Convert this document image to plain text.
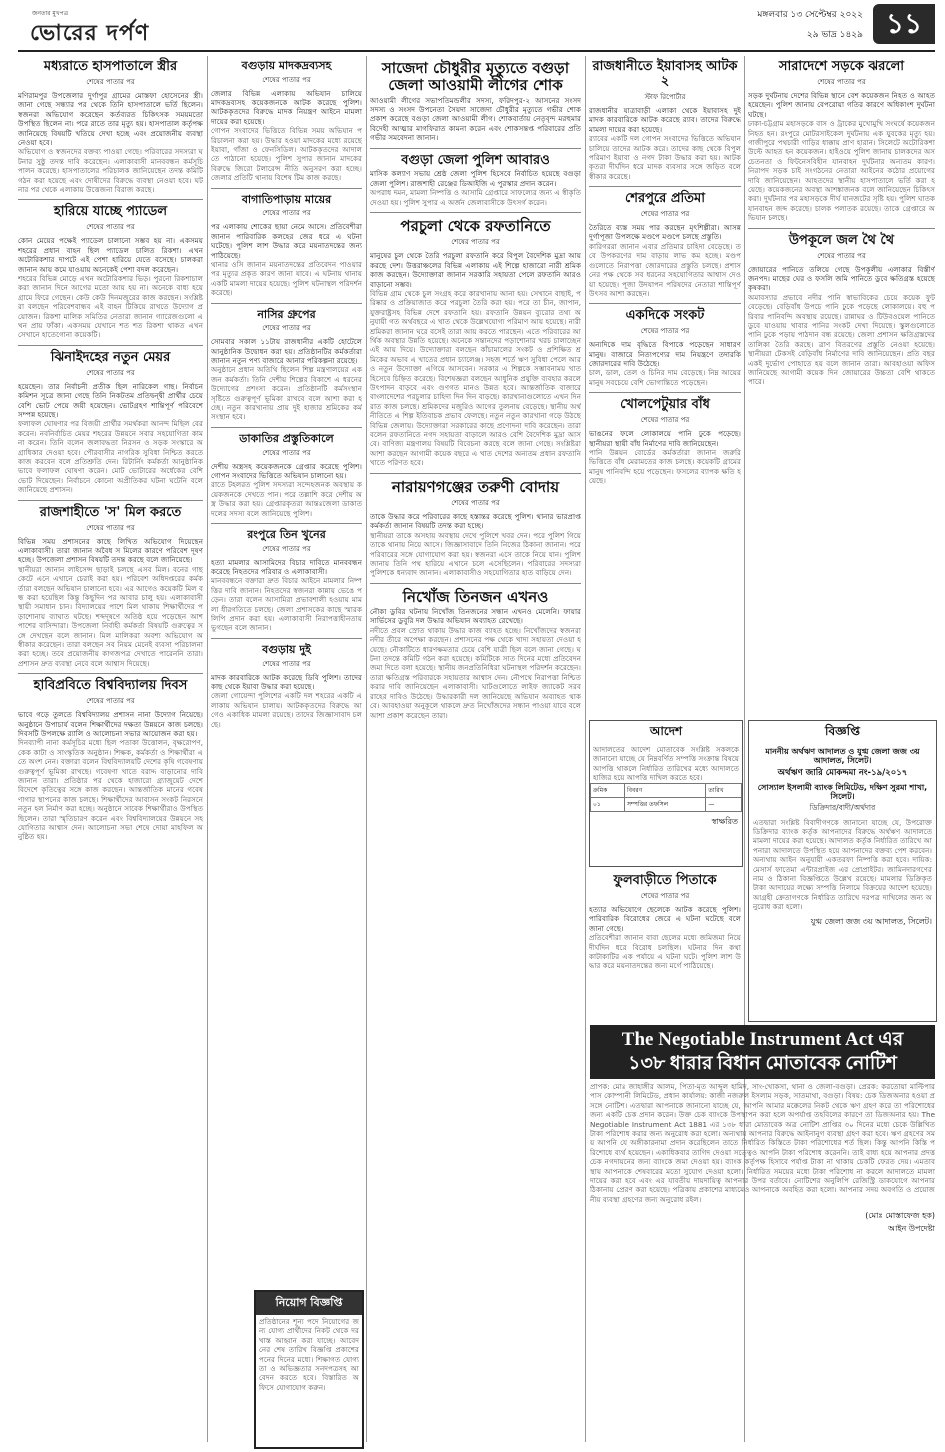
জনতার মুখপত্র
ভোরের দর্পণ
মঙ্গলবার ১৩ সেপ্টেম্বর ২০২২
২৯ ভাদ্র ১৪২৯ ১১
মধ্যরাতে হাসপাতালে স্ত্রীর
শেষের পাতার পর

মণিরামপুর উপজেলার দুর্গাপুর গ্রামের মোস্তফা হোসেনের স্ত্রী। জানা গেছে সন্ধ্যার পর থেকে তিনি হাসপাতালে ভর্তি ছিলেন। স্বজনরা অভিযোগ করেছেন কর্তব্যরত চিকিৎসক সময়মতো উপস্থিত ছিলেন না। পরে রাতে তার মৃত্যু হয়। হাসপাতাল কর্তৃপক্ষ জানিয়েছে বিষয়টি খতিয়ে দেখা হচ্ছে এবং প্রয়োজনীয় ব্যবস্থা নেওয়া হবে।

অভিযোগ ও স্বজনদের বক্তব্য পাওয়া গেছে। পরিবারের সদস্যরা ঘটনার সুষ্ঠু তদন্ত দাবি করেছেন। এলাকাবাসী মানববন্ধন কর্মসূচি পালন করেছে। হাসপাতালের পরিচালক জানিয়েছেন তদন্ত কমিটি গঠন করা হয়েছে এবং দোষীদের বিরুদ্ধে ব্যবস্থা নেওয়া হবে। ঘটনার পর থেকে এলাকায় উত্তেজনা বিরাজ করছে।

হারিয়ে যাচ্ছে প্যাডেল
শেষের পাতার পর

কোন মেয়ের পক্ষেই প্যাডেল চালানো সম্ভব হয় না। একসময় শহরের প্রধান বাহন ছিল প্যাডেল চালিত রিকশা। এখন অটোরিকশার দাপটে এই পেশা হারিয়ে যেতে বসেছে। চালকরা জানান আয় কমে যাওয়ায় অনেকেই পেশা বদল করেছেন।

শহরের বিভিন্ন মোড়ে এখন অটোরিকশার ভিড়। পুরনো রিকশাচালকরা জানান দিনে আগের মতো আয় হয় না। অনেকে বাধ্য হয়ে গ্রামে ফিরে গেছেন। কেউ কেউ দিনমজুরের কাজ করছেন। সংশ্লিষ্টরা বলছেন পরিবেশবান্ধব এই বাহন টিকিয়ে রাখতে উদ্যোগ প্রয়োজন। রিকশা মালিক সমিতির নেতারা জানান গ্যারেজগুলো এখন প্রায় ফাঁকা। একসময় যেখানে শত শত রিকশা থাকত এখন সেখানে হাতেগোনা কয়েকটি।

ঝিনাইদহের নতুন মেয়র
শেষের পাতার পর

হয়েছেন। তার নির্বাচনী প্রতীক ছিল নারিকেল গাছ। নির্বাচন কমিশন সূত্রে জানা গেছে তিনি নিকটতম প্রতিদ্বন্দ্বী প্রার্থীর চেয়ে বেশি ভোট পেয়ে জয়ী হয়েছেন। ভোটগ্রহণ শান্তিপূর্ণ পরিবেশে সম্পন্ন হয়েছে।

ফলাফল ঘোষণার পর বিজয়ী প্রার্থীর সমর্থকরা আনন্দ মিছিল বের করেন। নবনির্বাচিত মেয়র শহরের উন্নয়নে সবার সহযোগিতা কামনা করেন। তিনি বলেন জলাবদ্ধতা নিরসন ও সড়ক সংস্কারে অগ্রাধিকার দেওয়া হবে। পৌরবাসীর নাগরিক সুবিধা নিশ্চিত করতে কাজ করবেন বলে প্রতিশ্রুতি দেন। রিটার্নিং কর্মকর্তা আনুষ্ঠানিকভাবে ফলাফল ঘোষণা করেন। মোট ভোটারের অর্ধেকের বেশি ভোট দিয়েছেন। নির্বাচনে কোনো অপ্রীতিকর ঘটনা ঘটেনি বলে জানিয়েছে প্রশাসন।

রাজশাহীতে 'স' মিল করতে
শেষের পাতার পর

বিভিন্ন সময় প্রশাসনের কাছে লিখিত অভিযোগ দিয়েছেন এলাকাবাসী। তারা জানান অবৈধ স মিলের কারণে পরিবেশ দূষণ হচ্ছে। উপজেলা প্রশাসন বিষয়টি তদন্ত করছে বলে জানিয়েছে।

স্থানীয়রা জানান লাইসেন্স ছাড়াই চলছে এসব মিল। বনের গাছ কেটে এনে এখানে চেরাই করা হয়। পরিবেশ অধিদপ্তরের কর্মকর্তারা বলছেন অভিযান চালানো হবে। এর আগেও কয়েকটি মিল বন্ধ করা হয়েছিল কিন্তু কিছুদিন পর আবার চালু হয়। এলাকাবাসী স্থায়ী সমাধান চান। বিদ্যালয়ের পাশে মিল থাকায় শিক্ষার্থীদের পড়াশোনায় ব্যাঘাত ঘটছে। শব্দদূষণে অতিষ্ঠ হয়ে পড়েছেন আশপাশের বাসিন্দারা। উপজেলা নির্বাহী কর্মকর্তা বিষয়টি গুরুত্বের সঙ্গে দেখছেন বলে জানান। মিল মালিকরা অবশ্য অভিযোগ অস্বীকার করেছেন। তারা বলছেন সব নিয়ম মেনেই ব্যবসা পরিচালনা করা হচ্ছে। তবে প্রয়োজনীয় কাগজপত্র দেখাতে পারেননি তারা। প্রশাসন দ্রুত ব্যবস্থা নেবে বলে আশ্বাস দিয়েছে।

হাবিপ্রবিতে বিশ্ববিদ্যালয় দিবস
শেষের পাতার পর

ভাবে গড়ে তুলতে বিশ্ববিদ্যালয় প্রশাসন নানা উদ্যোগ নিয়েছে। অনুষ্ঠানে উপাচার্য বলেন শিক্ষার্থীদের দক্ষতা উন্নয়নে কাজ চলছে। দিবসটি উপলক্ষে র‍্যালি ও আলোচনা সভার আয়োজন করা হয়।

দিনব্যাপী নানা কর্মসূচির মধ্যে ছিল পতাকা উত্তোলন, বৃক্ষরোপণ, কেক কাটা ও সাংস্কৃতিক অনুষ্ঠান। শিক্ষক, কর্মকর্তা ও শিক্ষার্থীরা এতে অংশ নেন। বক্তারা বলেন বিশ্ববিদ্যালয়টি দেশের কৃষি গবেষণায় গুরুত্বপূর্ণ ভূমিকা রাখছে। গবেষণা খাতে বরাদ্দ বাড়ানোর দাবি জানান তারা। প্রতিষ্ঠার পর থেকে হাজারো গ্র্যাজুয়েট দেশে বিদেশে কৃতিত্বের সঙ্গে কাজ করছেন। আন্তর্জাতিক মানের গবেষণাগার স্থাপনের কাজ চলছে। শিক্ষার্থীদের আবাসন সংকট নিরসনে নতুন হল নির্মাণ করা হচ্ছে। অনুষ্ঠানে সাবেক শিক্ষার্থীরাও উপস্থিত ছিলেন। তারা স্মৃতিচারণ করেন এবং বিশ্ববিদ্যালয়ের উন্নয়নে সহযোগিতার আশ্বাস দেন। আলোচনা সভা শেষে দোয়া মাহফিল অনুষ্ঠিত হয়।

বগুড়ায় মাদকদ্রব্যসহ
শেষের পাতার পর

জেলার বিভিন্ন এলাকায় অভিযান চালিয়ে মাদকদ্রব্যসহ কয়েকজনকে আটক করেছে পুলিশ। আটককৃতদের বিরুদ্ধে মাদক নিয়ন্ত্রণ আইনে মামলা দায়ের করা হয়েছে।

গোপন সংবাদের ভিত্তিতে বিভিন্ন সময় অভিযান পরিচালনা করা হয়। উদ্ধার হওয়া মাদকের মধ্যে রয়েছে ইয়াবা, গাঁজা ও ফেনসিডিল। আটককৃতদের আদালতে পাঠানো হয়েছে। পুলিশ সুপার জানান মাদকের বিরুদ্ধে জিরো টলারেন্স নীতি অনুসরণ করা হচ্ছে। জেলার প্রতিটি থানায় বিশেষ টিম কাজ করছে।

বাগাতিপাড়ায় মায়ের
শেষের পাতার পর

পর এলাকায় শোকের ছায়া নেমে আসে। প্রতিবেশীরা জানান পারিবারিক কলহের জের ধরে এ ঘটনা ঘটেছে। পুলিশ লাশ উদ্ধার করে ময়নাতদন্তের জন্য পাঠিয়েছে।

থানার ওসি জানান ময়নাতদন্তের প্রতিবেদন পাওয়ার পর মৃত্যুর প্রকৃত কারণ জানা যাবে। এ ঘটনায় থানায় একটি মামলা দায়ের হয়েছে। পুলিশ ঘটনাস্থল পরিদর্শন করেছে।

নাসির গ্রুপের
শেষের পাতার পর

সোমবার সকাল ১১টায় রাজধানীর একটি হোটেলে আনুষ্ঠানিক উদ্বোধন করা হয়। প্রতিষ্ঠানটির কর্মকর্তারা জানান নতুন পণ্য বাজারে আনার পরিকল্পনা রয়েছে।

অনুষ্ঠানে প্রধান অতিথি ছিলেন শিল্প মন্ত্রণালয়ের একজন কর্মকর্তা। তিনি দেশীয় শিল্পের বিকাশে এ ধরনের উদ্যোগের প্রশংসা করেন। প্রতিষ্ঠানটি কর্মসংস্থান সৃষ্টিতে গুরুত্বপূর্ণ ভূমিকা রাখবে বলে আশা করা হচ্ছে। নতুন কারখানায় প্রায় দুই হাজার শ্রমিকের কর্মসংস্থান হবে।

ডাকাতির প্রস্তুতিকালে
শেষের পাতার পর

দেশীয় অস্ত্রসহ কয়েকজনকে গ্রেপ্তার করেছে পুলিশ। গোপন সংবাদের ভিত্তিতে অভিযান চালানো হয়।

রাতে টহলরত পুলিশ সদস্যরা সন্দেহজনক অবস্থায় কয়েকজনকে দেখতে পান। পরে তল্লাশি করে দেশীয় অস্ত্র উদ্ধার করা হয়। গ্রেপ্তারকৃতরা আন্তঃজেলা ডাকাত দলের সদস্য বলে জানিয়েছে পুলিশ।

রংপুরে তিন খুনের
শেষের পাতার পর

হত্যা মামলার আসামিদের বিচার দাবিতে মানববন্ধন করেছে নিহতদের পরিবার ও এলাকাবাসী।

মানববন্ধনে বক্তারা দ্রুত বিচার আইনে মামলার নিষ্পত্তির দাবি জানান। নিহতদের স্বজনরা কান্নায় ভেঙে পড়েন। তারা বলেন আসামিরা প্রভাবশালী হওয়ায় মামলা ধীরগতিতে চলছে। জেলা প্রশাসকের কাছে স্মারকলিপি প্রদান করা হয়। এলাকাবাসী নিরাপত্তাহীনতায় ভুগছেন বলে জানান।

বগুড়ায় দুই
শেষের পাতার পর

মাদক কারবারিকে আটক করেছে ডিবি পুলিশ। তাদের কাছ থেকে ইয়াবা উদ্ধার করা হয়েছে।

জেলা গোয়েন্দা পুলিশের একটি দল শহরের একটি এলাকায় অভিযান চালায়। আটককৃতদের বিরুদ্ধে আগেও একাধিক মামলা রয়েছে। তাদের জিজ্ঞাসাবাদ চলছে।

নিয়োগ বিজ্ঞপ্তি

প্রতিষ্ঠানের শূন্য পদে নিয়োগের জন্য যোগ্য প্রার্থীদের নিকট থেকে দরখাস্ত আহ্বান করা যাচ্ছে। আবেদনের শেষ তারিখ বিজ্ঞপ্তি প্রকাশের পনের দিনের মধ্যে। শিক্ষাগত যোগ্যতা ও অভিজ্ঞতার সনদপত্রসহ আবেদন করতে হবে। বিস্তারিত অফিসে যোগাযোগ করুন।

সাজেদা চৌধুরীর মৃত্যুতে বগুড়া জেলা আওয়ামী লীগের শোক

আওয়ামী লীগের সভাপতিমন্ডলীর সদস্য, ফরিদপুর-২ আসনের সংসদ সদস্য ও সংসদ উপনেতা সৈয়দা সাজেদা চৌধুরীর মৃত্যুতে গভীর শোক প্রকাশ করেছে বগুড়া জেলা আওয়ামী লীগ। শোকবার্তায় নেতৃবৃন্দ মরহুমার বিদেহী আত্মার মাগফিরাত কামনা করেন এবং শোকসন্তপ্ত পরিবারের প্রতি গভীর সমবেদনা জানান।

বগুড়া জেলা পুলিশ আবারও

মাসিক কল্যাণ সভায় শ্রেষ্ঠ জেলা পুলিশ হিসেবে নির্বাচিত হয়েছে বগুড়া জেলা পুলিশ। রাজশাহী রেঞ্জের ডিআইজি এ পুরস্কার প্রদান করেন।

অপরাধ দমন, মামলা নিষ্পত্তি ও আসামি গ্রেপ্তারে সাফল্যের জন্য এ স্বীকৃতি দেওয়া হয়। পুলিশ সুপার এ অর্জন জেলাবাসীকে উৎসর্গ করেন।

পরচুলা থেকে রফতানিতে
শেষের পাতার পর

মানুষের চুল থেকে তৈরি পরচুলা রফতানি করে বিপুল বৈদেশিক মুদ্রা আয় করছে দেশ। উত্তরাঞ্চলের বিভিন্ন এলাকায় এই শিল্পে হাজারো নারী শ্রমিক কাজ করছেন। উদ্যোক্তারা জানান সরকারি সহায়তা পেলে রফতানি আরও বাড়ানো সম্ভব।

বিভিন্ন গ্রাম থেকে চুল সংগ্রহ করে কারখানায় আনা হয়। সেখানে বাছাই, পরিষ্কার ও প্রক্রিয়াজাত করে পরচুলা তৈরি করা হয়। পরে তা চীন, জাপান, যুক্তরাষ্ট্রসহ বিভিন্ন দেশে রফতানি হয়। রফতানি উন্নয়ন ব্যুরোর তথ্য অনুযায়ী গত অর্থবছরে এ খাত থেকে উল্লেখযোগ্য পরিমাণ আয় হয়েছে। নারী শ্রমিকরা জানান ঘরে বসেই তারা আয় করতে পারছেন। এতে পরিবারের আর্থিক অবস্থার উন্নতি হয়েছে। অনেকে সন্তানদের পড়াশোনার খরচ চালাচ্ছেন এই আয় দিয়ে। উদ্যোক্তারা বলছেন কাঁচামালের সংকট ও প্রশিক্ষিত শ্রমিকের অভাব এ খাতের প্রধান চ্যালেঞ্জ। সহজ শর্তে ঋণ সুবিধা পেলে আরও নতুন উদ্যোক্তা এগিয়ে আসবেন। সরকার এ শিল্পকে সম্ভাবনাময় খাত হিসেবে চিহ্নিত করেছে। বিশেষজ্ঞরা বলছেন আধুনিক প্রযুক্তি ব্যবহার করলে উৎপাদন বাড়বে এবং গুণগত মানও উন্নত হবে। আন্তর্জাতিক বাজারে বাংলাদেশের পরচুলার চাহিদা দিন দিন বাড়ছে। কারখানাগুলোতে এখন দিনরাত কাজ চলছে। শ্রমিকদের মজুরিও আগের তুলনায় বেড়েছে। স্থানীয় অর্থনীতিতে এ শিল্প ইতিবাচক প্রভাব ফেলছে। নতুন নতুন কারখানা গড়ে উঠছে বিভিন্ন জেলায়। উদ্যোক্তারা সরকারের কাছে প্রণোদনা দাবি করেছেন। তারা বলেন রফতানিতে নগদ সহায়তা বাড়ালে আরও বেশি বৈদেশিক মুদ্রা আসবে। বাণিজ্য মন্ত্রণালয় বিষয়টি বিবেচনা করছে বলে জানা গেছে। সংশ্লিষ্টরা আশা করছেন আগামী কয়েক বছরে এ খাত দেশের অন্যতম প্রধান রফতানি খাতে পরিণত হবে।

নারায়ণগঞ্জের তরুণী বোদায়
শেষের পাতার পর

তাকে উদ্ধার করে পরিবারের কাছে হস্তান্তর করেছে পুলিশ। থানার ভারপ্রাপ্ত কর্মকর্তা জানান বিষয়টি তদন্ত করা হচ্ছে।

স্থানীয়রা তাকে অসহায় অবস্থায় দেখে পুলিশে খবর দেন। পরে পুলিশ গিয়ে তাকে থানায় নিয়ে আসে। জিজ্ঞাসাবাদে তিনি নিজের ঠিকানা জানান। পরে পরিবারের সঙ্গে যোগাযোগ করা হয়। স্বজনরা এসে তাকে নিয়ে যান। পুলিশ জানায় তিনি পথ হারিয়ে এখানে চলে এসেছিলেন। পরিবারের সদস্যরা পুলিশকে ধন্যবাদ জানান। এলাকাবাসীও সহযোগিতার হাত বাড়িয়ে দেন।

নিখোঁজ তিনজন এখনও

নৌকা ডুবির ঘটনায় নিখোঁজ তিনজনের সন্ধান এখনও মেলেনি। ফায়ার সার্ভিসের ডুবুরি দল উদ্ধার অভিযান অব্যাহত রেখেছে।

নদীতে প্রবল স্রোত থাকায় উদ্ধার কাজ ব্যাহত হচ্ছে। নিখোঁজদের স্বজনরা নদীর তীরে অপেক্ষা করছেন। প্রশাসনের পক্ষ থেকে খাদ্য সহায়তা দেওয়া হয়েছে। নৌকাটিতে ধারণক্ষমতার চেয়ে বেশি যাত্রী ছিল বলে জানা গেছে। ঘটনা তদন্তে কমিটি গঠন করা হয়েছে। কমিটিকে সাত দিনের মধ্যে প্রতিবেদন জমা দিতে বলা হয়েছে। স্থানীয় জনপ্রতিনিধিরা ঘটনাস্থল পরিদর্শন করেছেন। তারা ক্ষতিগ্রস্ত পরিবারকে সহায়তার আশ্বাস দেন। নৌপথে নিরাপত্তা নিশ্চিত করার দাবি জানিয়েছেন এলাকাবাসী। ঘাটগুলোতে লাইফ জ্যাকেট সরবরাহের দাবিও উঠেছে। উদ্ধারকারী দল জানিয়েছে অভিযান অব্যাহত থাকবে। আবহাওয়া অনুকূলে থাকলে দ্রুত নিখোঁজদের সন্ধান পাওয়া যাবে বলে আশা প্রকাশ করেছেন তারা।

রাজধানীতে ইয়াবাসহ আটক ২
স্টাফ রিপোর্টার

রাজধানীর যাত্রাবাড়ী এলাকা থেকে ইয়াবাসহ দুই মাদক কারবারিকে আটক করেছে র‍্যাব। তাদের বিরুদ্ধে মামলা দায়ের করা হয়েছে।

র‍্যাবের একটি দল গোপন সংবাদের ভিত্তিতে অভিযান চালিয়ে তাদের আটক করে। তাদের কাছ থেকে বিপুল পরিমাণ ইয়াবা ও নগদ টাকা উদ্ধার করা হয়। আটককৃতরা দীর্ঘদিন ধরে মাদক ব্যবসার সঙ্গে জড়িত বলে স্বীকার করেছে।

শেরপুরে প্রতিমা
শেষের পাতার পর

তৈরিতে ব্যস্ত সময় পার করছেন মৃৎশিল্পীরা। আসন্ন দুর্গাপূজা উপলক্ষে মণ্ডপে মণ্ডপে চলছে প্রস্তুতি।

কারিগররা জানান এবার প্রতিমার চাহিদা বেড়েছে। তবে উপকরণের দাম বাড়ায় লাভ কম হচ্ছে। মণ্ডপগুলোতে নিরাপত্তা জোরদারের প্রস্তুতি চলছে। প্রশাসনের পক্ষ থেকে সব ধরনের সহযোগিতার আশ্বাস দেওয়া হয়েছে। পূজা উদযাপন পরিষদের নেতারা শান্তিপূর্ণ উৎসব আশা করছেন।

একদিকে সংকট
শেষের পাতার পর

অন্যদিকে দাম বৃদ্ধিতে বিপাকে পড়েছেন সাধারণ মানুষ। বাজারে নিত্যপণ্যের দাম নিয়ন্ত্রণে তদারকি জোরদারের দাবি উঠেছে।

চাল, ডাল, তেল ও চিনির দাম বেড়েছে। নিম্ন আয়ের মানুষ সবচেয়ে বেশি ভোগান্তিতে পড়েছেন।

খোলপেটুয়ার বাঁধ
শেষের পাতার পর

ভাঙনের ফলে লোকালয়ে পানি ঢুকে পড়েছে। স্থানীয়রা স্থায়ী বাঁধ নির্মাণের দাবি জানিয়েছেন।

পানি উন্নয়ন বোর্ডের কর্মকর্তারা জানান জরুরি ভিত্তিতে বাঁধ মেরামতের কাজ চলছে। কয়েকটি গ্রামের মানুষ পানিবন্দি হয়ে পড়েছেন। ফসলের ব্যাপক ক্ষতি হয়েছে।

আদেশ

আদালতের আদেশ মোতাবেক সংশ্লিষ্ট সকলকে জানানো যাচ্ছে যে নিম্নবর্ণিত সম্পত্তি সংক্রান্ত বিষয়ে আপত্তি থাকলে নির্ধারিত তারিখের মধ্যে আদালতে হাজির হয়ে আপত্তি দাখিল করতে হবে।

ক্রমিক	বিবরণ	তারিখ
০১	সম্পত্তির তফসিল	—
স্বাক্ষরিত
ফুলবাড়ীতে পিতাকে
শেষের পাতার পর

হত্যার অভিযোগে ছেলেকে আটক করেছে পুলিশ। পারিবারিক বিরোধের জেরে এ ঘটনা ঘটেছে বলে জানা গেছে।

প্রতিবেশীরা জানান বাবা ছেলের মধ্যে জমিজমা নিয়ে দীর্ঘদিন ধরে বিরোধ চলছিল। ঘটনার দিন কথা কাটাকাটির এক পর্যায়ে এ ঘটনা ঘটে। পুলিশ লাশ উদ্ধার করে ময়নাতদন্তের জন্য মর্গে পাঠিয়েছে।

সারাদেশে সড়কে ঝরলো
শেষের পাতার পর

সড়ক দুর্ঘটনায় দেশের বিভিন্ন স্থানে বেশ কয়েকজন নিহত ও আহত হয়েছেন। পুলিশ জানায় বেপরোয়া গতির কারণে অধিকাংশ দুর্ঘটনা ঘটছে।

ঢাকা-চট্টগ্রাম মহাসড়কে বাস ও ট্রাকের মুখোমুখি সংঘর্ষে কয়েকজন নিহত হন। রংপুরে মোটরসাইকেল দুর্ঘটনায় এক যুবকের মৃত্যু হয়। গাজীপুরে পথচারী গাড়ির ধাক্কায় প্রাণ হারান। সিলেটে অটোরিকশা উল্টে আহত হন কয়েকজন। হাইওয়ে পুলিশ জানায় চালকদের অসচেতনতা ও ফিটনেসবিহীন যানবাহন দুর্ঘটনার অন্যতম কারণ। নিরাপদ সড়ক চাই সংগঠনের নেতারা আইনের কঠোর প্রয়োগের দাবি জানিয়েছেন। আহতদের স্থানীয় হাসপাতালে ভর্তি করা হয়েছে। কয়েকজনের অবস্থা আশঙ্কাজনক বলে জানিয়েছেন চিকিৎসকরা। দুর্ঘটনার পর মহাসড়কে দীর্ঘ যানজটের সৃষ্টি হয়। পুলিশ ঘাতক যানবাহন জব্দ করেছে। চালক পলাতক রয়েছে। তাকে গ্রেপ্তারে অভিযান চলছে।

উপকূলে জল থৈ থৈ
শেষের পাতার পর

জোয়ারের পানিতে তলিয়ে গেছে উপকূলীয় এলাকার বিস্তীর্ণ জনপদ। মাছের ঘের ও ফসলি জমি পানিতে ডুবে ক্ষতিগ্রস্ত হয়েছে কৃষকরা।

অমাবস্যার প্রভাবে নদীর পানি স্বাভাবিকের চেয়ে কয়েক ফুট বেড়েছে। বেড়িবাঁধ উপচে পানি ঢুকে পড়েছে লোকালয়ে। বহু পরিবার পানিবন্দি অবস্থায় রয়েছে। রান্নাঘর ও টিউবওয়েল পানিতে ডুবে যাওয়ায় খাবার পানির সংকট দেখা দিয়েছে। স্কুলগুলোতে পানি ঢুকে পড়ায় পাঠদান বন্ধ রয়েছে। জেলা প্রশাসন ক্ষতিগ্রস্তদের তালিকা তৈরি করছে। ত্রাণ বিতরণের প্রস্তুতি নেওয়া হয়েছে। স্থানীয়রা টেকসই বেড়িবাঁধ নির্মাণের দাবি জানিয়েছেন। প্রতি বছর একই দুর্ভোগ পোহাতে হয় বলে জানান তারা। আবহাওয়া অফিস জানিয়েছে আগামী কয়েক দিন জোয়ারের উচ্চতা বেশি থাকতে পারে।

বিজ্ঞপ্তি
মাননীয় অর্থঋণ আদালত ও যুগ্ম জেলা জজ ৩য় আদালত, সিলেট।
অর্থঋণ জারি মোকদ্দমা নং-১৯/২০১৭
সোস্যাল ইসলামী ব্যাংক লিমিটেড, দক্ষিণ সুরমা শাখা, সিলেট।
ডিক্রিদার/বাদী/অর্থদার

এতদ্বারা সংশ্লিষ্ট বিবাদীগণকে জানানো যাচ্ছে যে, উপরোক্ত ডিক্রিদার ব্যাংক কর্তৃক আপনাদের বিরুদ্ধে অর্থঋণ আদালতে মামলা দায়ের করা হয়েছে। আদালত কর্তৃক নির্ধারিত তারিখে আপনারা আদালতে উপস্থিত হয়ে আপনাদের বক্তব্য পেশ করবেন। অন্যথায় আইন অনুযায়ী একতরফা নিষ্পত্তি করা হবে। দায়িক: মেসার্স ফাতেমা এন্টারপ্রাইজ এর প্রোপ্রাইটর। জামিনদারগণের নাম ও ঠিকানা বিজ্ঞপ্তিতে উল্লেখ রয়েছে। মামলার ডিক্রিকৃত টাকা আদায়ের লক্ষ্যে সম্পত্তি নিলামে বিক্রয়ের আদেশ হয়েছে। আগ্রহী ক্রেতাগণকে নির্ধারিত তারিখে দরপত্র দাখিলের জন্য অনুরোধ করা হলো।

যুগ্ম জেলা জজ ৩য় আদালত, সিলেট।
The Negotiable Instrument Act এর
১৩৮ ধারার বিধান মোতাবেক নোটিশ

প্রাপক: মোঃ জাহাঙ্গীর আলম, পিতা-মৃত আব্দুল হামিদ, সাং-খোকসা, থানা ও জেলা-বগুড়া। প্রেরক: করতোয়া মাল্টিপারপাস কোম্পানী লিমিটেড, প্রধান কার্যালয়: কাজী নজরুল ইসলাম সড়ক, সাতমাথা, বগুড়া। বিষয়: চেক ডিজঅনার হওয়া প্রসঙ্গে নোটিশ। এতদ্বারা আপনাকে জানানো যাচ্ছে যে, আপনি আমার মক্কেলের নিকট থেকে ঋণ গ্রহণ করে তা পরিশোধের জন্য একটি চেক প্রদান করেন। উক্ত চেক ব্যাংকে উপস্থাপন করা হলে অপর্যাপ্ত তহবিলের কারণে তা ডিজঅনার হয়। The Negotiable Instrument Act 1881 এর ১৩৮ ধারা মোতাবেক অত্র নোটিশ প্রাপ্তির ৩০ দিনের মধ্যে চেকে উল্লিখিত টাকা পরিশোধ করার জন্য অনুরোধ করা হলো। অন্যথায় আপনার বিরুদ্ধে আইনানুগ ব্যবস্থা গ্রহণ করা হবে। ঋণ গ্রহণের সময় আপনি যে অঙ্গীকারনামা প্রদান করেছিলেন তাতে নির্ধারিত কিস্তিতে টাকা পরিশোধের শর্ত ছিল। কিন্তু আপনি কিস্তি পরিশোধে ব্যর্থ হয়েছেন। একাধিকবার তাগিদ দেওয়া সত্ত্বেও আপনি টাকা পরিশোধ করেননি। তাই বাধ্য হয়ে আপনার প্রদত্ত চেক নগদায়নের জন্য ব্যাংকে জমা দেওয়া হয়। ব্যাংক কর্তৃপক্ষ হিসাবে পর্যাপ্ত টাকা না থাকায় চেকটি ফেরত দেয়। এমতাবস্থায় আপনাকে শেষবারের মতো সুযোগ দেওয়া হলো। নির্ধারিত সময়ের মধ্যে টাকা পরিশোধ না করলে আদালতে মামলা দায়ের করা হবে এবং এর যাবতীয় দায়দায়িত্ব আপনার উপর বর্তাবে। নোটিশের অনুলিপি রেজিস্ট্রি ডাকযোগে আপনার ঠিকানায় প্রেরণ করা হয়েছে। পত্রিকায় প্রকাশের মাধ্যমেও আপনাকে অবহিত করা হলো। আপনার সদয় অবগতি ও প্রয়োজনীয় ব্যবস্থা গ্রহণের জন্য অনুরোধ রইল।

(মোঃ মোস্তাফেজ হক)
আইন উপদেষ্টা
